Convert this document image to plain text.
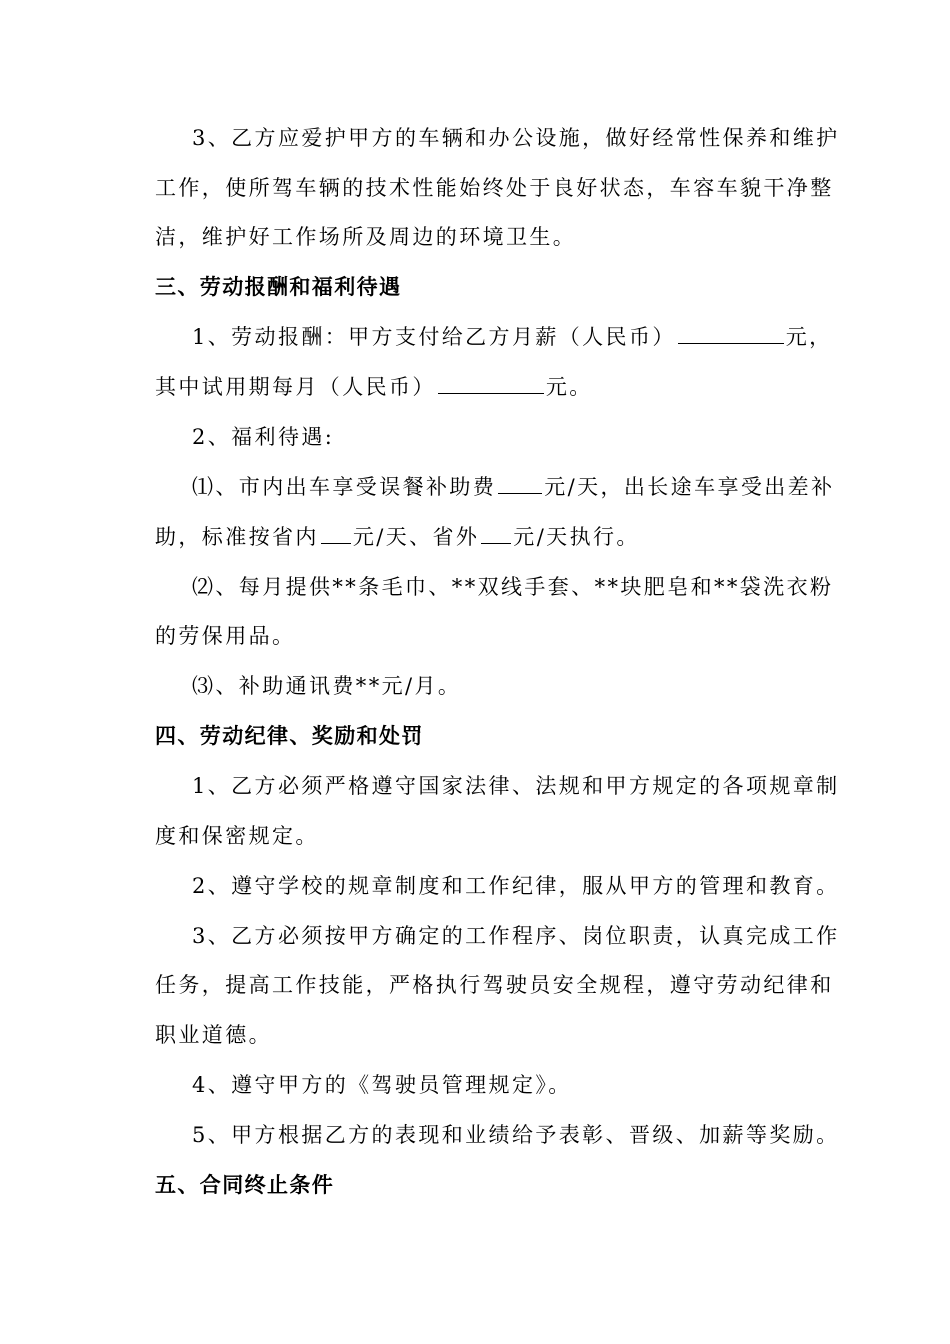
3、乙方应爱护甲方的车辆和办公设施，做好经常性保养和维护
工作，使所驾车辆的技术性能始终处于良好状态，车容车貌干净整
洁，维护好工作场所及周边的环境卫生。
三、劳动报酬和福利待遇
1、劳动报酬：甲方支付给乙方月薪（人民币）	元，
其中试用期每月（人民币）	元。
2、福利待遇:
⑴、市内出车享受误餐补助费 元/天，出长途车享受出差补
助，标准按省内 元/天、省外 元/天执行。
⑵、每月提供**条毛巾、**双线手套、**块肥皂和**袋洗衣粉
的劳保用品。
⑶、补助通讯费**元/月。
四、劳动纪律、奖励和处罚
1、乙方必须严格遵守国家法律、法规和甲方规定的各项规章制
度和保密规定。
2、遵守学校的规章制度和工作纪律，服从甲方的管理和教育。
3、乙方必须按甲方确定的工作程序、岗位职责，认真完成工作
任务，提高工作技能，严格执行驾驶员安全规程，遵守劳动纪律和
职业道德。
4、遵守甲方的《驾驶员管理规定》。
5、甲方根据乙方的表现和业绩给予表彰、晋级、加薪等奖励。
五、合同终止条件
